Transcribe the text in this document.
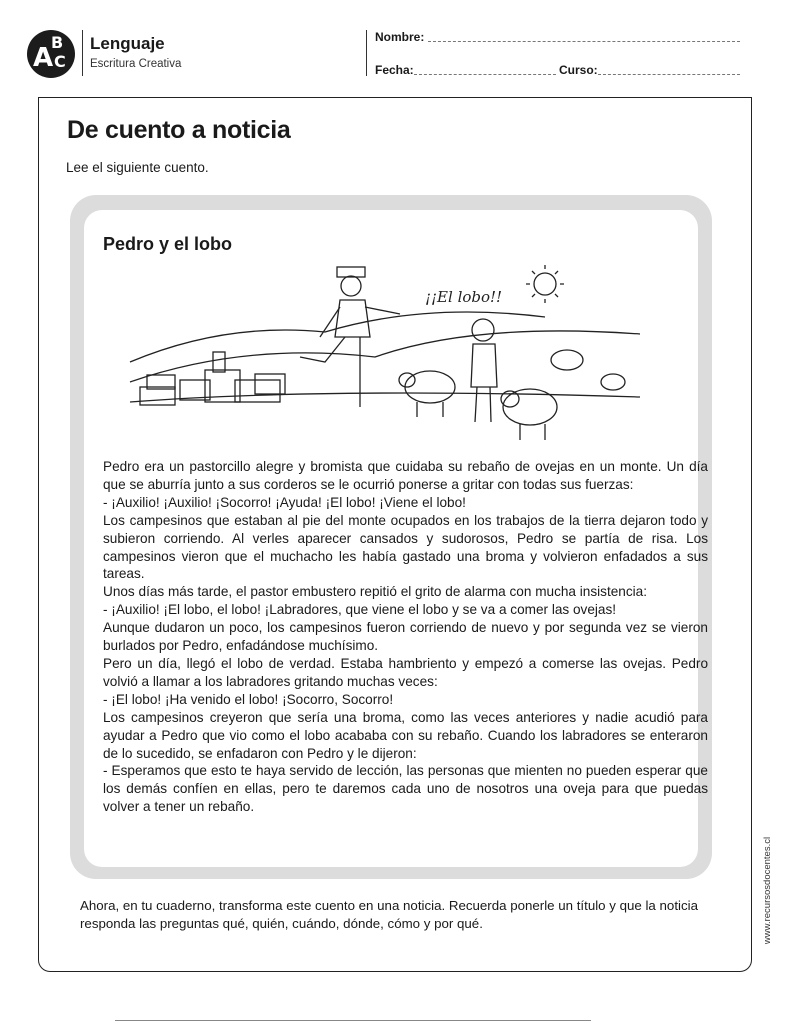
A
B
C
Lenguaje
Escritura Creativa
Nombre:
Fecha:	Curso:
De cuento a noticia
Lee el siguiente cuento.
Pedro y el lobo
¡¡El lobo!!

Pedro era un pastorcillo alegre y bromista que cuidaba su rebaño de ovejas en un monte. Un día que se aburría junto a sus corderos se le ocurrió ponerse a gritar con todas sus fuerzas:

- ¡Auxilio! ¡Auxilio! ¡Socorro! ¡Ayuda! ¡El lobo! ¡Viene el lobo!

Los campesinos que estaban al pie del monte ocupados en los trabajos de la tierra dejaron todo y subieron corriendo. Al verles aparecer cansados y sudorosos, Pedro se partía de risa. Los campesinos vieron que el muchacho les había gastado una broma y volvieron enfadados a sus tareas.

Unos días más tarde, el pastor embustero repitió el grito de alarma con mucha insistencia:

- ¡Auxilio! ¡El lobo, el lobo! ¡Labradores, que viene el lobo y se va a comer las ovejas!

Aunque dudaron un poco, los campesinos fueron corriendo de nuevo y por segunda vez se vieron burlados por Pedro, enfadándose muchísimo.

Pero un día, llegó el lobo de verdad. Estaba hambriento y empezó a comerse las ovejas. Pedro volvió a llamar a los labradores gritando muchas veces:

- ¡El lobo! ¡Ha venido el lobo! ¡Socorro, Socorro!

Los campesinos creyeron que sería una broma, como las veces anteriores y nadie acudió para ayudar a Pedro que vio como el lobo acababa con su rebaño. Cuando los labradores se enteraron de lo sucedido, se enfadaron con Pedro y le dijeron:

- Esperamos que esto te haya servido de lección, las personas que mienten no pueden esperar que los demás confíen en ellas, pero te daremos cada uno de nosotros una oveja para que puedas volver a tener un rebaño.

Ahora, en tu cuaderno, transforma este cuento en una noticia. Recuerda ponerle un título y que la noticia responda las preguntas qué, quién, cuándo, dónde, cómo y por qué.	www.recursosdocentes.cl
